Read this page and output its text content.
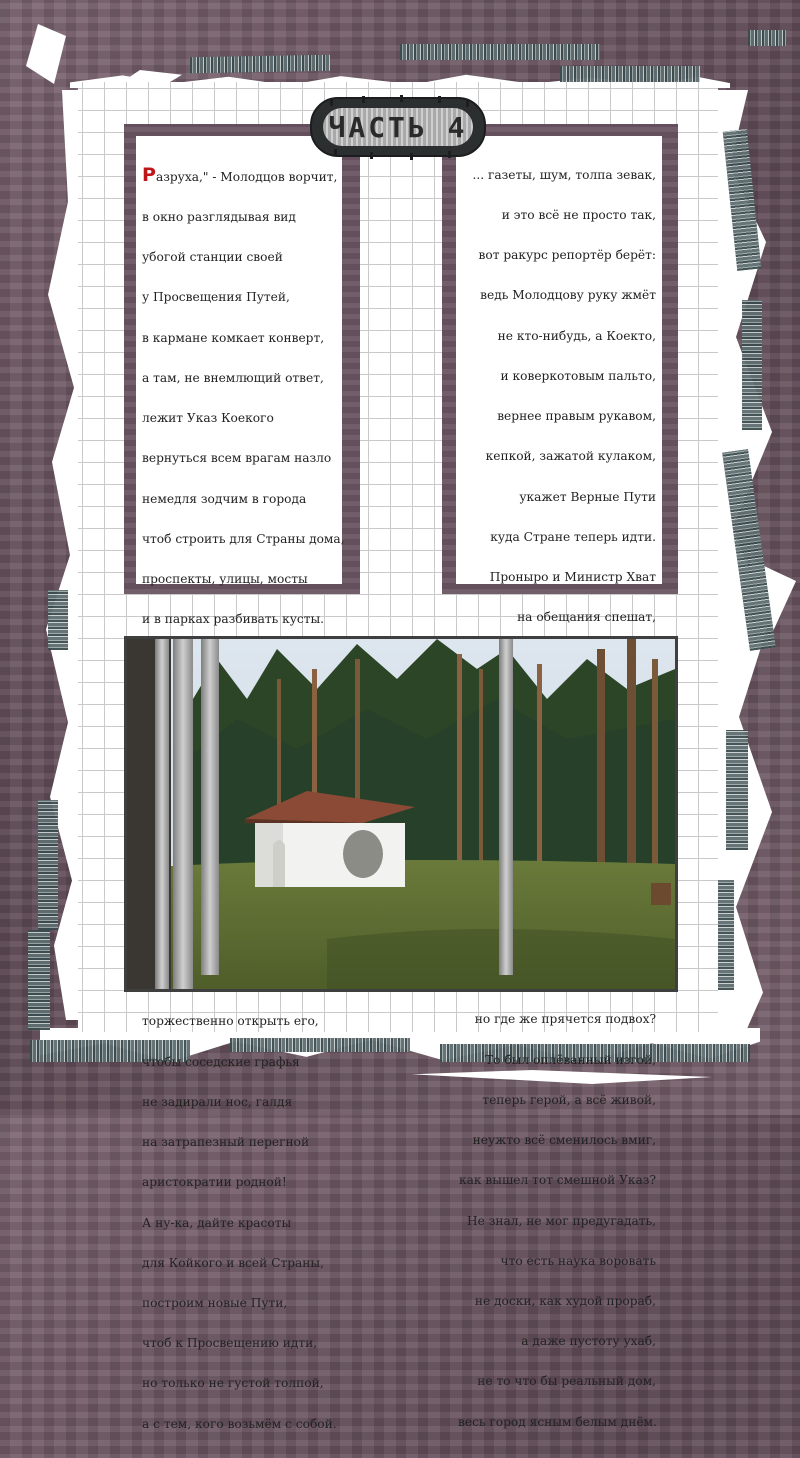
Разруха," - Молодцов ворчит,

в окно разглядывая вид

убогой станции своей

у Просвещения Путей,

в кармане комкает конверт,

а там, не внемлющий ответ,

лежит Указ Коекого

вернуться всем врагам назло

немедля зодчим в города

чтоб строить для Страны дома,

проспекты, улицы, мосты

и в парках разбивать кусты.

торжественно открыть его,

чтобы соседские графья

не задирали нос, галдя

на затрапезный перегной

аристократии родной!

А ну-ка, дайте красоты

для Койкого и всей Страны,

построим новые Пути,

чтоб к Просвещению идти,

но только не густой толпой,

а с тем, кого возьмём с собой.

... газеты, шум, толпа зевак,

и это всё не просто так,

вот ракурс репортёр берёт:

ведь Молодцову руку жмёт

не кто-нибудь, а Коекто,

и коверкотовым пальто,

вернее правым рукавом,

кепкой, зажатой кулаком,

укажет Верные Пути

куда Стране теперь идти.

Проныро и Министр Хват

на обещания спешат,

но где же прячется подвох?

То был оплёванный изгой,

теперь герой, а всё живой,

неужто всё сменилось вмиг,

как вышел тот смешной Указ?

Не знал, не мог предугадать,

что есть наука воровать

не доски, как худой прораб,

а даже пустоту ухаб,

не то что бы реальный дом,

весь город ясным белым днём.

ЧАСТЬ 4
